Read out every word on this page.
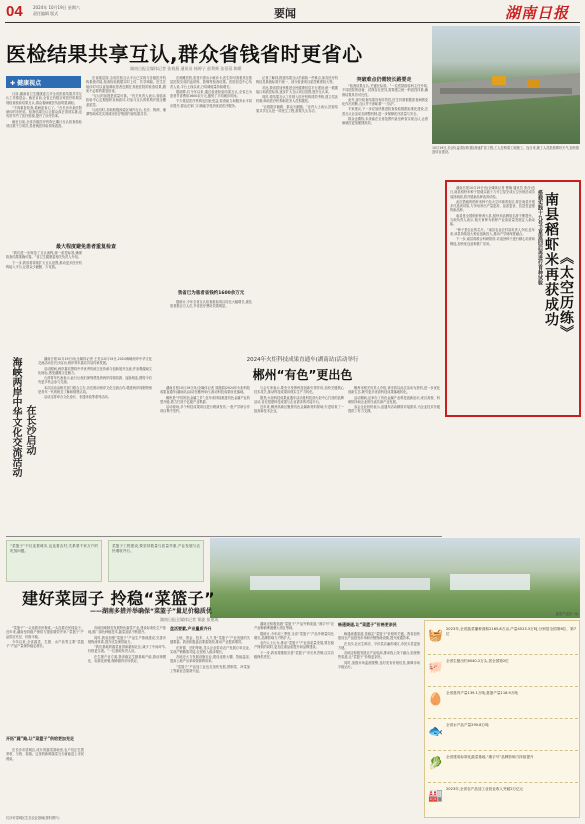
04	2024年 10月19日 星期六
责任编辑 版式	要闻	湖南日报
医检结果共享互认,群众省钱省时更省心
湖南日报全媒体记者 张春燕 通讯员 杨婷子 彭利辉 张蓓蓉 陶斯
✚ 健康视点

日前,湖南省卫生健康委召开全省医检结果共享互认工作推进会。截至目前,全省已有数百家医疗机构实现检查检验结果互认,群众看病就医负担明显减轻。

“不再重复检查,看病更省心了。”在长沙市某医院就诊的市民说。检查结果互认让群众真正得到实惠,也有效节约了医疗资源,提升了诊疗效率。

截至目前,全省各级医疗机构已累计互认检查检验项目数千万项次,患者就医体验持续改善。

最大程度避免患者重复检查

“我们进一步规范了互认流程,统一质控标准,确保检查结果准确可靠。”省卫生健康委相关负责人介绍。

下一步,我省将持续扩大互认范围,推动更多医疗机构接入平台,让群众少跑腿、少花钱。

在省级层面,全省医检互认平台已实现与各级医疗机构系统对接,检查检验数据实时上传、共享调阅。医生在接诊时可以直接调取患者近期在其他医院的检查结果,避免不必要的重复检查。

“互认的前提是质量可靠。”有关负责人表示,省临床检验中心定期组织室间质评,对参与互认的机构开展全覆盖质控。

与此同时,各地积极探索区域内互认,长沙、株洲、湘潭等地率先实现城市医疗集团内部结果共享。

在湘雅医院,患者只需出示就诊卡,医生即可查看其在基层医院完成的血常规、影像等检查结果。医院信息中心负责人说,平台上线以来,日均调阅量持续增长。

据测算,仅今年以来,通过检查检验结果互认,全省已为患者节省费用1600余万元,缩短了平均就诊时间。

不少基层医疗机构也因此受益,检查能力和服务水平同步提升,群众在家门口就能享受到优质医疗服务。

我省已为患者省钱约1600余万元

据统计,今年全省互认检查检验项目同比大幅增长,惠及患者数百万人次,节省医疗费用效果明显。

记者了解到,推进结果互认仍面临一些难点,如各医疗机构信息系统标准不统一、部分检查项目质控难度较大等。

对此,我省将加快推进全民健康信息平台建设,统一数据接口和质控标准,逐步扩大互认项目范围,提升互认率。

同时,将结果互认工作纳入医疗机构绩效考核,建立奖惩机制,调动医疗机构和医务人员积极性。

“让数据多跑路、群众少跑腿。”业内人士表示,医检结果共享互认是一项民生工程,需要久久为功。

突破难点仍需较长路要走

“检查结果互认,关键在标准。”一位医院检验科主任介绍,不同医院的设备、试剂存在差异,需要建立统一的质控体系,确保结果具有可比性。

此外,部分检查结果具有时效性,医生仍需根据患者病情变化作出判断,互认并不意味着“一刀切”。

专家建议,下一步应加快推进检查检验数据标准化建设,完善互认目录动态调整机制,进一步保障医疗质量与安全。

群众也期待,未来能在全省范围内甚至跨省实现互认,让看病就医更加便捷高效。

10月19日,长(沙)益(阳)常(德)高速扩容工程,工人在桥梁工地施工。连日来,施工人员抢抓晴好天气,加快推进项目建设。
南县稻虾米再获成功 《太空历练》
搭载实践十九号卫星返回后再进行育种试验

湖南日报10月19日讯(全媒体记者 曹娴 通讯员 张彦)近日,南县稻虾米种子搭载实践十九号卫星完成太空历练后成功返回地面,将开展新品种选育试验。

此次搭载的稻虾米种子经太空环境诱变后,将在南县开展多代选育试验,力争培育出产量更高、品质更优、抗逆性更强的新品种。

南县是全国稻虾种养大县,稻虾米品牌知名度不断提升。当地负责人表示,航天育种为稻虾产业高质量发展注入新动能。

“种子是农业的芯片。”南县农业农村局负责人介绍,近年来,该县持续加大种业创新投入,推动产学研深度融合。

下一步,南县将联合科研院所,对返回种子进行精心培育和筛选,加快优良品种推广应用。

海峡两岸中华文化交流活动 在长沙启动

湖南日报10月19日讯(全媒体记者 王亮)10月19日,2024海峡两岸中华文化交流活动在长沙启动,两岸青年嘉宾共话传承发展。

活动期间,两岸嘉宾围绕中华优秀传统文化传承与创新展开交流,并参观湖南文化地标,感受湖湘文化魅力。

台湾青年代表表示,此行让他们深刻感受到两岸同根同源、血脉相连,期待今后有更多机会参与交流。

本次活动由相关部门联合主办,旨在推动两岸文化交流合作,增进两岸同胞特别是青年一代的相互了解和情感认同。

活动还将举办文化论坛、非遗体验等系列活动。

2024年火炬科技成果直通车(湖南站)活动举行
郴州“有色”更出色

湖南日报10月19日讯(全媒体记者 刘燕娟)2024年火炬科技成果直通车(湖南站)活动在郴州举行,推动科技成果转化落地。

郴州是“中国有色金属之乡”,近年来持续推进有色金属产业转型升级,着力打造千亿级产业集群。

活动现场,多个科技成果项目进行路演发布,一批产学研合作项目集中签约。

与会专家表示,要充分发挥科技创新引领作用,加快关键核心技术攻关,推动科技成果向现实生产力转化。

据悉,火炬科技成果直通车活动是科技部火炬中心打造的品牌活动,旨在搭建科技成果与企业需求的对接平台。

近年来,郴州高新区聚焦有色金属新材料领域,引进培育了一批高新技术企业。

郴州市相关负责人介绍,该市将以此次活动为契机,进一步优化创新生态,吸引更多优质科技成果落地转化。

活动期间,还举办了有色金属产业科技创新论坛,来自高校、科研院所和企业的代表共商产业发展。

参会企业纷纷表示,直通车活动精准对接需求,为企业技术升级提供了有力支撑。

“菜篮子”不仅连着城市,也连着农村,关系着千家万户的吃饭问题。
菜篮子工程建设,要坚持数量与质量并重,产业发展与农民增收并行。
建好菜园子 拎稳“菜篮子”
——湖南多措并举确保“菜篮子”量足价稳质优
湖南日报全媒体记者 郑旋 张建成

“菜篮子”一头连着市民餐桌,一头连着农民钱袋子。近年来,湖南坚持稳产保供与提质增效并举,“菜篮子”产品供应充足、价格平稳。

今年以来,全省蔬菜、生猪、水产品等主要“菜篮子”产品产量保持稳定增长。

开拓“蔬”路,让“菜篮子”供给更加充足

在长沙市望城区,成片的蔬菜基地里,农户们正忙着采收、分拣、装箱。这里的新鲜蔬菜当天就能送上市民餐桌。

各地因地制宜发展特色蔬菜产业,建设标准化生产基地,推广绿色种植技术,蔬菜品质不断提升。

同时,我省加强“菜篮子”产品生产基地建设,完善冷链物流体系,提升应急保供能力。

“我们基地的蔬菜直供商超和社区,减少了中间环节,价格更实惠。”一位基地负责人说。

在生猪产业方面,我省稳定生猪基础产能,推动规模化、标准化养殖,保障猪肉市场供应。

盘活要素,产业量质齐升

土地、资金、技术、人才,是“菜篮子”产业发展的关键要素。我省积极盘活要素资源,推动产业提质增效。

在常德、岳阳等地,龙头企业带动农户发展订单农业,实现产销精准对接,农民收入稳步增长。

各地还大力发展设施农业,建设连栋大棚、智能温室,提高土地产出率和资源利用率。

“菜篮子”产品加工业也在加快发展,预制菜、净菜加工等新业态蓬勃兴起。

湖南还积极拓展“菜篮子”产品外销渠道,“湘字号”农产品畅销粤港澳大湾区等地。

据统计,今年前三季度,全省“菜篮子”产品外销量同比增长,品牌影响力不断扩大。

业内人士认为,推动“菜篮子”产业高质量发展,要在稳产保供的同时,更加注重品质提升和品牌建设。

下一步,我省将继续完善“菜篮子”市长负责制,压实各级保供责任。

畅通渠道,让“菜篮子”价格更亲民

畅通流通渠道,是稳定“菜篮子”价格的关键。我省加快建设农产品批发市场和冷链物流设施,提升流通效率。

在长沙,社区生鲜店、平价菜店遍布城区,市民买菜更加方便。

各地还积极发展农产品电商,推动线上线下融合,拓宽销售渠道,让“菜篮子”价格更亲民。

同时,加强市场监测预警,及时发布价格信息,保障市场平稳运行。

🧺 2023年,全省蔬菜播种面积2165.8万亩,产量4523.3万吨,分别居全国第6位、第7位
🐖 全省生猪出栏6040.2万头,居全国第2位
🥚 全省禽肉产量139.1万吨,禽蛋产量118.9万吨
🐟 全省水产品产量290.8万吨
🥬 全省建成标准化蔬菜基地,“湘字号”品牌影响力持续提升
🏭 2023年,全省农产品加工业营业收入突破2万亿元
长沙市望城区生态农业基地(资料图片)
蔬菜产业园一角
